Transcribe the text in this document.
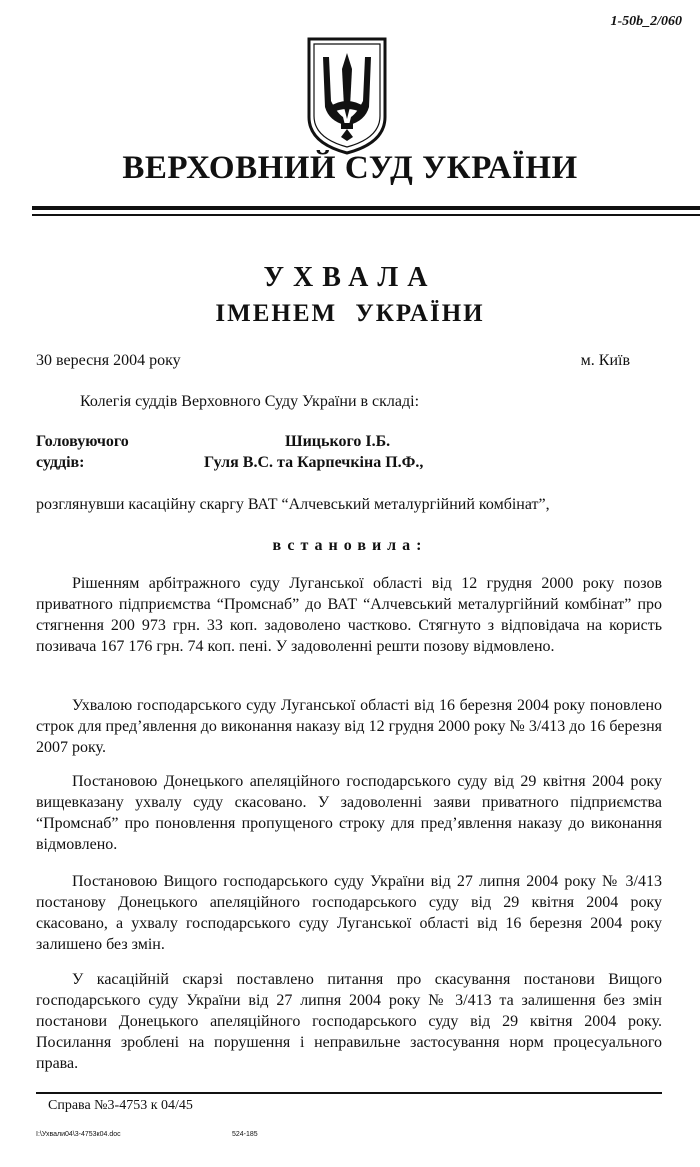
1-50b_2/060
ВЕРХОВНИЙ СУД УКРАЇНИ
УХВАЛА
ІМЕНЕМ УКРАЇНИ
30 вересня 2004 року	м. Київ
Колегія суддів Верховного Суду України в складі:
Головуючого	Шицького І.Б.
суддів:	Гуля В.С. та Карпечкіна П.Ф.,
розглянувши касаційну скаргу ВАТ “Алчевський металургійний комбінат”,
встановила:
Рішенням арбітражного суду Луганської області від 12 грудня 2000 року позов приватного підприємства “Промснаб” до ВАТ “Алчевський металургійний комбінат” про стягнення 200 973 грн. 33 коп. задоволено частково. Стягнуто з відповідача на користь позивача 167 176 грн. 74 коп. пені. У задоволенні решти позову відмовлено.
Ухвалою господарського суду Луганської області від 16 березня 2004 року поновлено строк для пред’явлення до виконання наказу від 12 грудня 2000 року № 3/413 до 16 березня 2007 року.
Постановою Донецького апеляційного господарського суду від 29 квітня 2004 року вищевказану ухвалу суду скасовано. У задоволенні заяви приватного підприємства “Промснаб” про поновлення пропущеного строку для пред’явлення наказу до виконання відмовлено.
Постановою Вищого господарського суду України від 27 липня 2004 року № 3/413 постанову Донецького апеляційного господарського суду від 29 квітня 2004 року скасовано, а ухвалу господарського суду Луганської області від 16 березня 2004 року залишено без змін.
У касаційній скарзі поставлено питання про скасування постанови Вищого господарського суду України від 27 липня 2004 року № 3/413 та залишення без змін постанови Донецького апеляційного господарського суду від 29 квітня 2004 року. Посилання зроблені на порушення і неправильне застосування норм процесуального права.
Справа №3-4753 к 04/45
I:\Ухвали04\3-4753к04.doc	524-185
